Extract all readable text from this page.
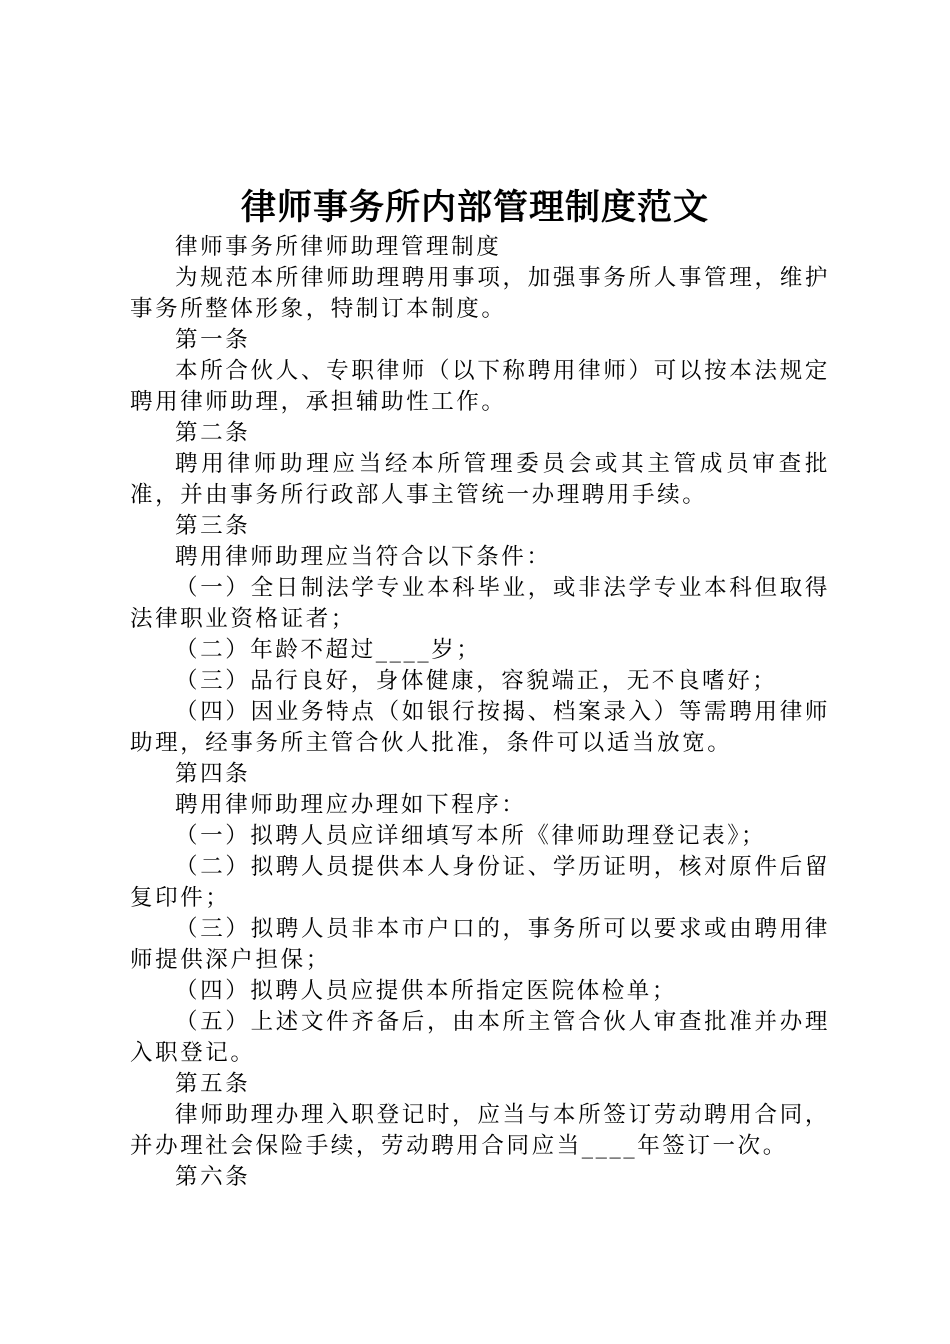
律师事务所内部管理制度范文

律师事务所律师助理管理制度

为规范本所律师助理聘用事项，加强事务所人事管理，维护事务所整体形象，特制订本制度。

第一条

本所合伙人、专职律师（以下称聘用律师）可以按本法规定聘用律师助理，承担辅助性工作。

第二条

聘用律师助理应当经本所管理委员会或其主管成员审查批准，并由事务所行政部人事主管统一办理聘用手续。

第三条

聘用律师助理应当符合以下条件：

（一）全日制法学专业本科毕业，或非法学专业本科但取得法律职业资格证者；

（二）年龄不超过____岁；

（三）品行良好，身体健康，容貌端正，无不良嗜好；

（四）因业务特点（如银行按揭、档案录入）等需聘用律师助理，经事务所主管合伙人批准，条件可以适当放宽。

第四条

聘用律师助理应办理如下程序：

（一）拟聘人员应详细填写本所《律师助理登记表》；

（二）拟聘人员提供本人身份证、学历证明，核对原件后留复印件；

（三）拟聘人员非本市户口的，事务所可以要求或由聘用律师提供深户担保；

（四）拟聘人员应提供本所指定医院体检单；

（五）上述文件齐备后，由本所主管合伙人审查批准并办理入职登记。

第五条

律师助理办理入职登记时，应当与本所签订劳动聘用合同，并办理社会保险手续，劳动聘用合同应当____年签订一次。

第六条
